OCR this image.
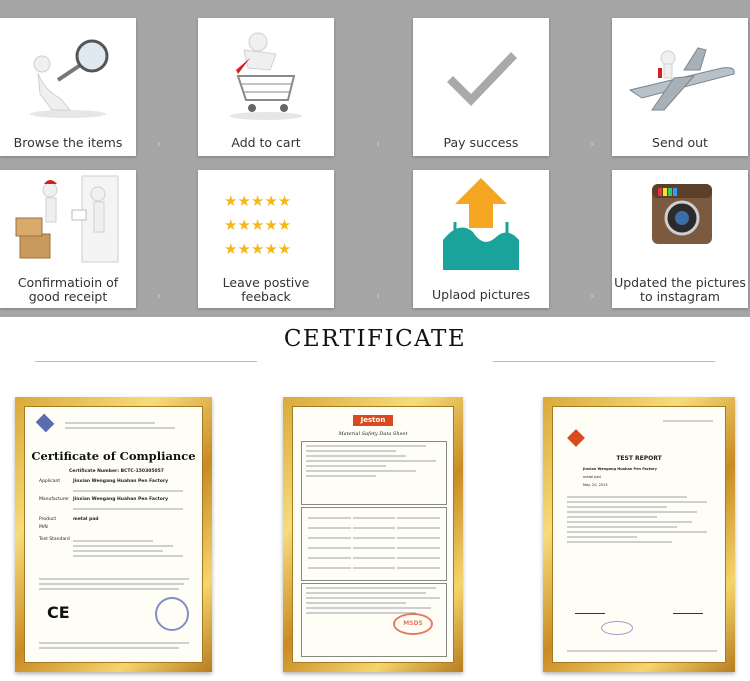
Browse the items	›	Add to cart	›	Pay success	›	Send out
Confirmatioin of
good receipt	›
★★★★★
★★★★★
★★★★★
Leave postive
feeback	›	Uplaod pictures	›
Updated the pictures
to instagram
CERTIFICATE
Certificate of Compliance
Certificate Number: BCTC-150305057
Applicant	Jinxian Wengang Huahan Pen Factory
Manufacturer Jinxian Wengang Huahan Pen Factory
Product	metal pad
M/N
Test Standard
CE
Jeston
Material Safety Data Sheet
MSDS
TEST REPORT
Jinxian Wengang Huahan Pen Factory
metal pad
May. 20, 2015
